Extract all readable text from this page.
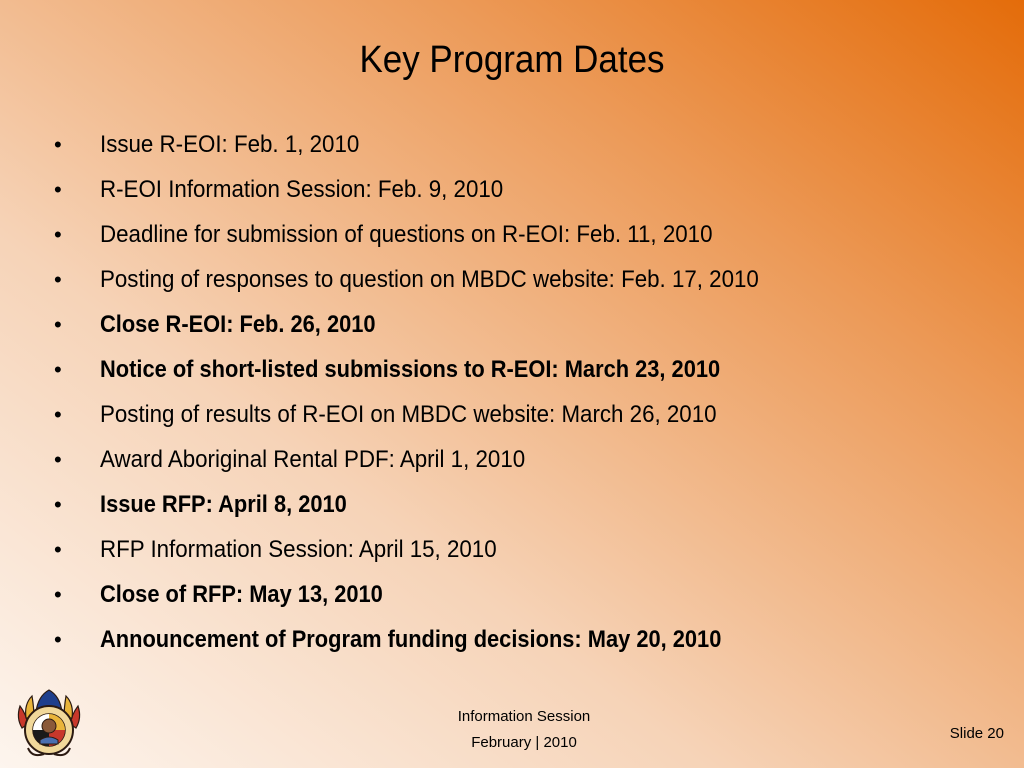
Key Program Dates
•	Issue R-EOI: Feb. 1, 2010
•	R-EOI Information Session: Feb. 9, 2010
•	Deadline for submission of questions on R-EOI: Feb. 11, 2010
•	Posting of responses to question on MBDC website: Feb. 17, 2010
•	Close R-EOI: Feb. 26, 2010
•	Notice of short-listed submissions to R-EOI: March 23, 2010
•	Posting of results of R-EOI on MBDC website: March 26, 2010
•	Award Aboriginal Rental PDF: April 1, 2010
•	Issue RFP: April 8, 2010
•	RFP Information Session: April 15, 2010
•	Close of RFP: May 13, 2010
•	Announcement of Program funding decisions: May 20, 2010
Information Session
February | 2010
Slide 20
